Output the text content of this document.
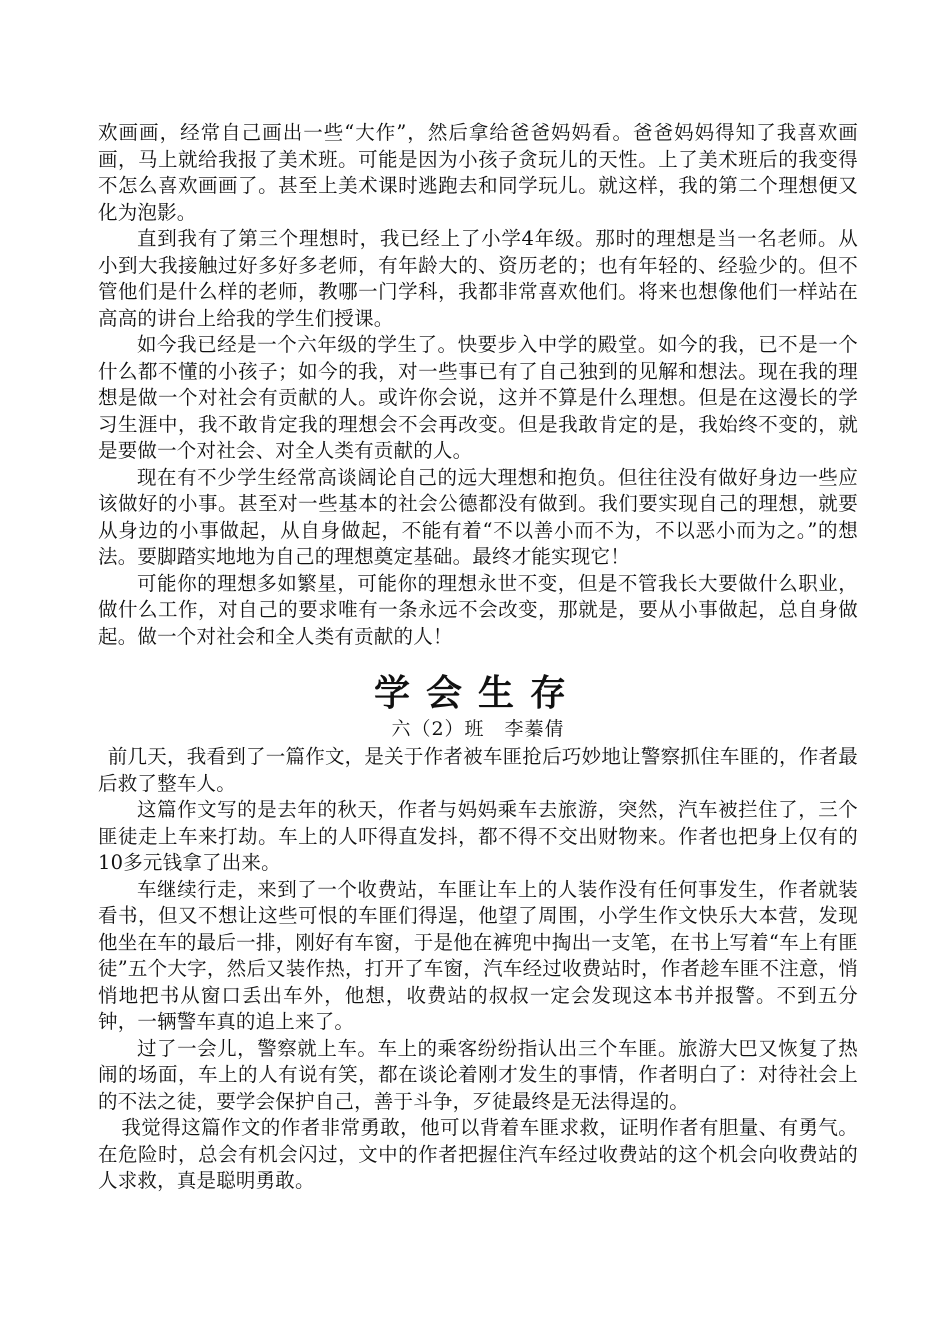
欢画画，经常自己画出一些“大作”，然后拿给爸爸妈妈看。爸爸妈妈得知了我喜欢画画，马上就给我报了美术班。可能是因为小孩子贪玩儿的天性。上了美术班后的我变得不怎么喜欢画画了。甚至上美术课时逃跑去和同学玩儿。就这样，我的第二个理想便又化为泡影。

直到我有了第三个理想时，我已经上了小学4年级。那时的理想是当一名老师。从小到大我接触过好多好多老师，有年龄大的、资历老的；也有年轻的、经验少的。但不管他们是什么样的老师，教哪一门学科，我都非常喜欢他们。将来也想像他们一样站在高高的讲台上给我的学生们授课。

如今我已经是一个六年级的学生了。快要步入中学的殿堂。如今的我，已不是一个什么都不懂的小孩子；如今的我，对一些事已有了自己独到的见解和想法。现在我的理想是做一个对社会有贡献的人。或许你会说，这并不算是什么理想。但是在这漫长的学习生涯中，我不敢肯定我的理想会不会再改变。但是我敢肯定的是，我始终不变的，就是要做一个对社会、对全人类有贡献的人。

现在有不少学生经常高谈阔论自己的远大理想和抱负。但往往没有做好身边一些应该做好的小事。甚至对一些基本的社会公德都没有做到。我们要实现自己的理想，就要从身边的小事做起，从自身做起，不能有着“不以善小而不为，不以恶小而为之。”的想法。要脚踏实地地为自己的理想奠定基础。最终才能实现它！

可能你的理想多如繁星，可能你的理想永世不变，但是不管我长大要做什么职业，做什么工作，对自己的要求唯有一条永远不会改变，那就是，要从小事做起，总自身做起。做一个对社会和全人类有贡献的人！

学会生存
六（2）班　李蓁倩

前几天，我看到了一篇作文，是关于作者被车匪抢后巧妙地让警察抓住车匪的，作者最后救了整车人。

这篇作文写的是去年的秋天，作者与妈妈乘车去旅游，突然，汽车被拦住了，三个匪徒走上车来打劫。车上的人吓得直发抖，都不得不交出财物来。作者也把身上仅有的10多元钱拿了出来。

车继续行走，来到了一个收费站，车匪让车上的人装作没有任何事发生，作者就装看书，但又不想让这些可恨的车匪们得逞，他望了周围，小学生作文快乐大本营，发现他坐在车的最后一排，刚好有车窗，于是他在裤兜中掏出一支笔，在书上写着“车上有匪徒”五个大字，然后又装作热，打开了车窗，汽车经过收费站时，作者趁车匪不注意，悄悄地把书从窗口丢出车外，他想，收费站的叔叔一定会发现这本书并报警。不到五分钟，一辆警车真的追上来了。

过了一会儿，警察就上车。车上的乘客纷纷指认出三个车匪。旅游大巴又恢复了热闹的场面，车上的人有说有笑，都在谈论着刚才发生的事情，作者明白了：对待社会上的不法之徒，要学会保护自己，善于斗争，歹徒最终是无法得逞的。

我觉得这篇作文的作者非常勇敢，他可以背着车匪求救，证明作者有胆量、有勇气。在危险时，总会有机会闪过，文中的作者把握住汽车经过收费站的这个机会向收费站的人求救，真是聪明勇敢。
